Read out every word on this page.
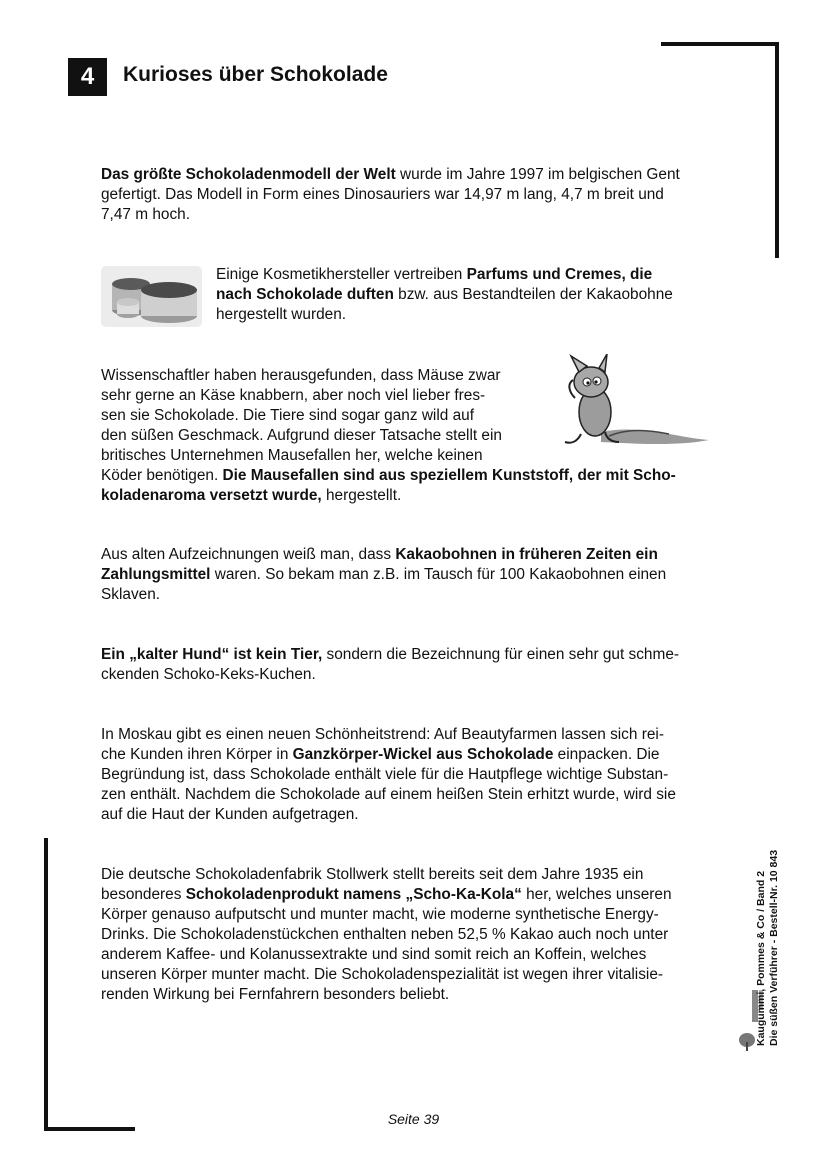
4	Kurioses über Schokolade

Das größte Schokoladenmodell der Welt wurde im Jahre 1997 im belgischen Gent
gefertigt. Das Modell in Form eines Dinosauriers war 14,97 m lang, 4,7 m breit und
7,47 m hoch.

Einige Kosmetikhersteller vertreiben Parfums und Cremes, die
nach Schokolade duften bzw. aus Bestandteilen der Kakaobohne
hergestellt wurden.

Wissenschaftler haben herausgefunden, dass Mäuse zwar
sehr gerne an Käse knabbern, aber noch viel lieber fres-
sen sie Schokolade. Die Tiere sind sogar ganz wild auf
den süßen Geschmack. Aufgrund dieser Tatsache stellt ein
britisches Unternehmen Mausefallen her, welche keinen
Köder benötigen. Die Mausefallen sind aus speziellem Kunststoff, der mit Scho-
koladenaroma versetzt wurde, hergestellt.

Aus alten Aufzeichnungen weiß man, dass Kakaobohnen in früheren Zeiten ein
Zahlungsmittel waren. So bekam man z.B. im Tausch für 100 Kakaobohnen einen
Sklaven.

Ein „kalter Hund“ ist kein Tier, sondern die Bezeichnung für einen sehr gut schme-
ckenden Schoko-Keks-Kuchen.

In Moskau gibt es einen neuen Schönheitstrend: Auf Beautyfarmen lassen sich rei-
che Kunden ihren Körper in Ganzkörper-Wickel aus Schokolade einpacken. Die
Begründung ist, dass Schokolade enthält viele für die Hautpflege wichtige Substan-
zen enthält. Nachdem die Schokolade auf einem heißen Stein erhitzt wurde, wird sie
auf die Haut der Kunden aufgetragen.

Die deutsche Schokoladenfabrik Stollwerk stellt bereits seit dem Jahre 1935 ein
besonderes Schokoladenprodukt namens „Scho-Ka-Kola“ her, welches unseren
Körper genauso aufputscht und munter macht, wie moderne synthetische Energy-
Drinks. Die Schokoladenstückchen enthalten neben 52,5 % Kakao auch noch unter
anderem Kaffee- und Kolanussextrakte und sind somit reich an Koffein, welches
unseren Körper munter macht. Die Schokoladenspezialität ist wegen ihrer vitalisie-
renden Wirkung bei Fernfahrern besonders beliebt.	Kaugummi, Pommes & Co / Band 2 Die süßen Verführer - Bestell-Nr. 10 843

Seite 39
